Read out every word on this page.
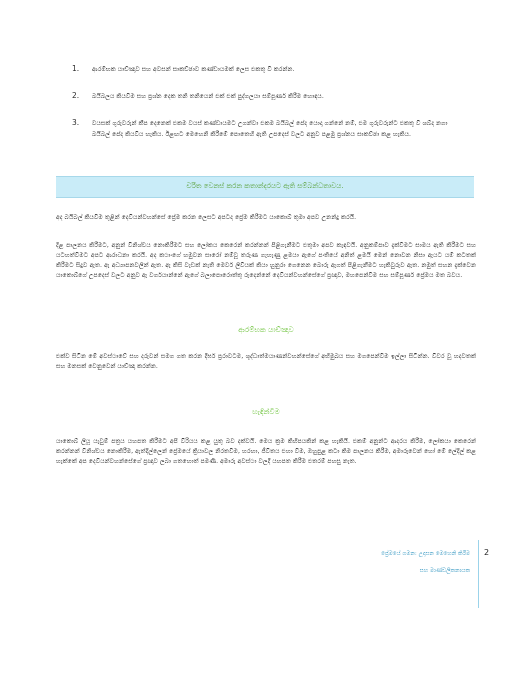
1. ආරම්භක යාච්ඤාව සහ අවසන් සාකච්ඡාව කණ්ඩායමක් ලෙස එකතු වී කරන්න.
2. බයිබලය කියවීම සහ ප්‍රශ්න දෙක තනි තනියෙන් එක් එක් පුද්ගලයා සම්පූර්ණ කිරීම හොඳය.
3. වයසක් ගුරුවරුන් කීප දෙනෙක් එකම වයස් කණ්ඩායමට උගන්වා එකම බයිබල් පේද යොදා ගන්නේ නම්, එම ගුරුවරුන්ට එකතු වී ශබ්ද නගා බයිබල් පේද කියවිය හැකිය. ඊළඟට මෙහෙනි කිරීමේ පොතෙහි ඇති උපදෙස් වලට අනුව පළමු ප්‍රශ්නය සාකච්ඡා කළ හැකිය.
චරිත වෙනස් කරන කතාන්දරයට ඇති සම්බන්ධතාවය.
අද බයිබල් කියවීම තුළින් දෙවියන්වහන්සේ ප්‍රේම කරන ලෙසට අපටද ප්‍රේම කිරීමට යාකොබ් තුමා අපව උනන්දු කරයි.
දිළ පාලනය කිරීමට, අනුන් විනිශ්චය නොකිරීමට සහ ලෝකය කෙරෙන් කරන්නන් පිළිගැනීමට එතුමා අපව කැඳවයි. අනුකම්පාව දැක්වීමට සාමය ඇති කිරීමට සහ යටහත්වීමට අපට ආරාධනා කරයි. අද කථාංගේ හමුවන සාරෝ නම්වූ තරුණ ගැහැණු ළමයා ඇගේ පංතියේ අනිත් ළමයි මෙන් නොවන නිසා ඇයට යම් කටතක් කිරීමට සිදුව ඇත. ඇ අධ්‍යාපනවලින් ඇත. ඇ කිසි වැඩක් නැති මෙවර් ලිවීයක් කියා හුනුරා ගෙනෙන බොරු ඇගත් පිළිගැනීමට හැකිවුරුව ඇත. නමුත් සහන දැක්වෙන යාකොබ්ගේ උපදෙස් වලට අනුව ඇ වර්ගයාන්නේ ඇගේ බලාපොරොත්තු රුදෙන්නේ දෙවියන්වහන්සේගේ ප්‍රඥාව, මහපෙන්වීම සහ සම්පූර්ණ ප්‍රේමය මත බවය.
ආරම්භක යාච්ඤාව
එක්ව සිටින මේ අවස්ථාවේ සහ දරුවන් සමග ගත කරන දීර්ඝ ප්‍රරාවටම, ශුද්ධාත්මයාණන්වහන්සේගේ අභිමුඛය සහ මගපෙන්වීම ඉල්ලා සිටින්න. විවර වූ හදවතක් සහ මනසක් වෙනුවෙන් යාච්ඤා කරන්න.
හැඳින්වීම
යාකොබ් ලියූ යැවුම් පත්‍රය යහපත කිරීමට අපි විරියය කළ යුතු බව දක්වයි. මෙය ක්‍රම කිහිපයකින් කළ හැකියි. එකම් අනුන්ට ආදරය කිරීම, ලෝකයා කෙරෙන් කරන්නන් විනිශ්චය නොකිරීම, ඇත්දිල්ලෙන් ප්‍රේමයේ ක්‍රියාවල නිරතවීම, හරහා, ජීවිතය එහා වීම, ඔහුපුළ කටා කිම පාලනය කිරීම, අමාරුවෙන් හෝ මේ ලේදිල් කළ හැක්කේ අප දෙවියන්වහන්සේගේ ප්‍රඥාව ලබා ගතහොත් පමණි. අමාරු අවස්ථා වලදී යහපත කිරීම එතරම් පහසු නැත.
ප්‍රේමයේ ගමන: උදාසන මෙහෙනි කිරීම
සහ මාණ්ඩලිකනායක
2
